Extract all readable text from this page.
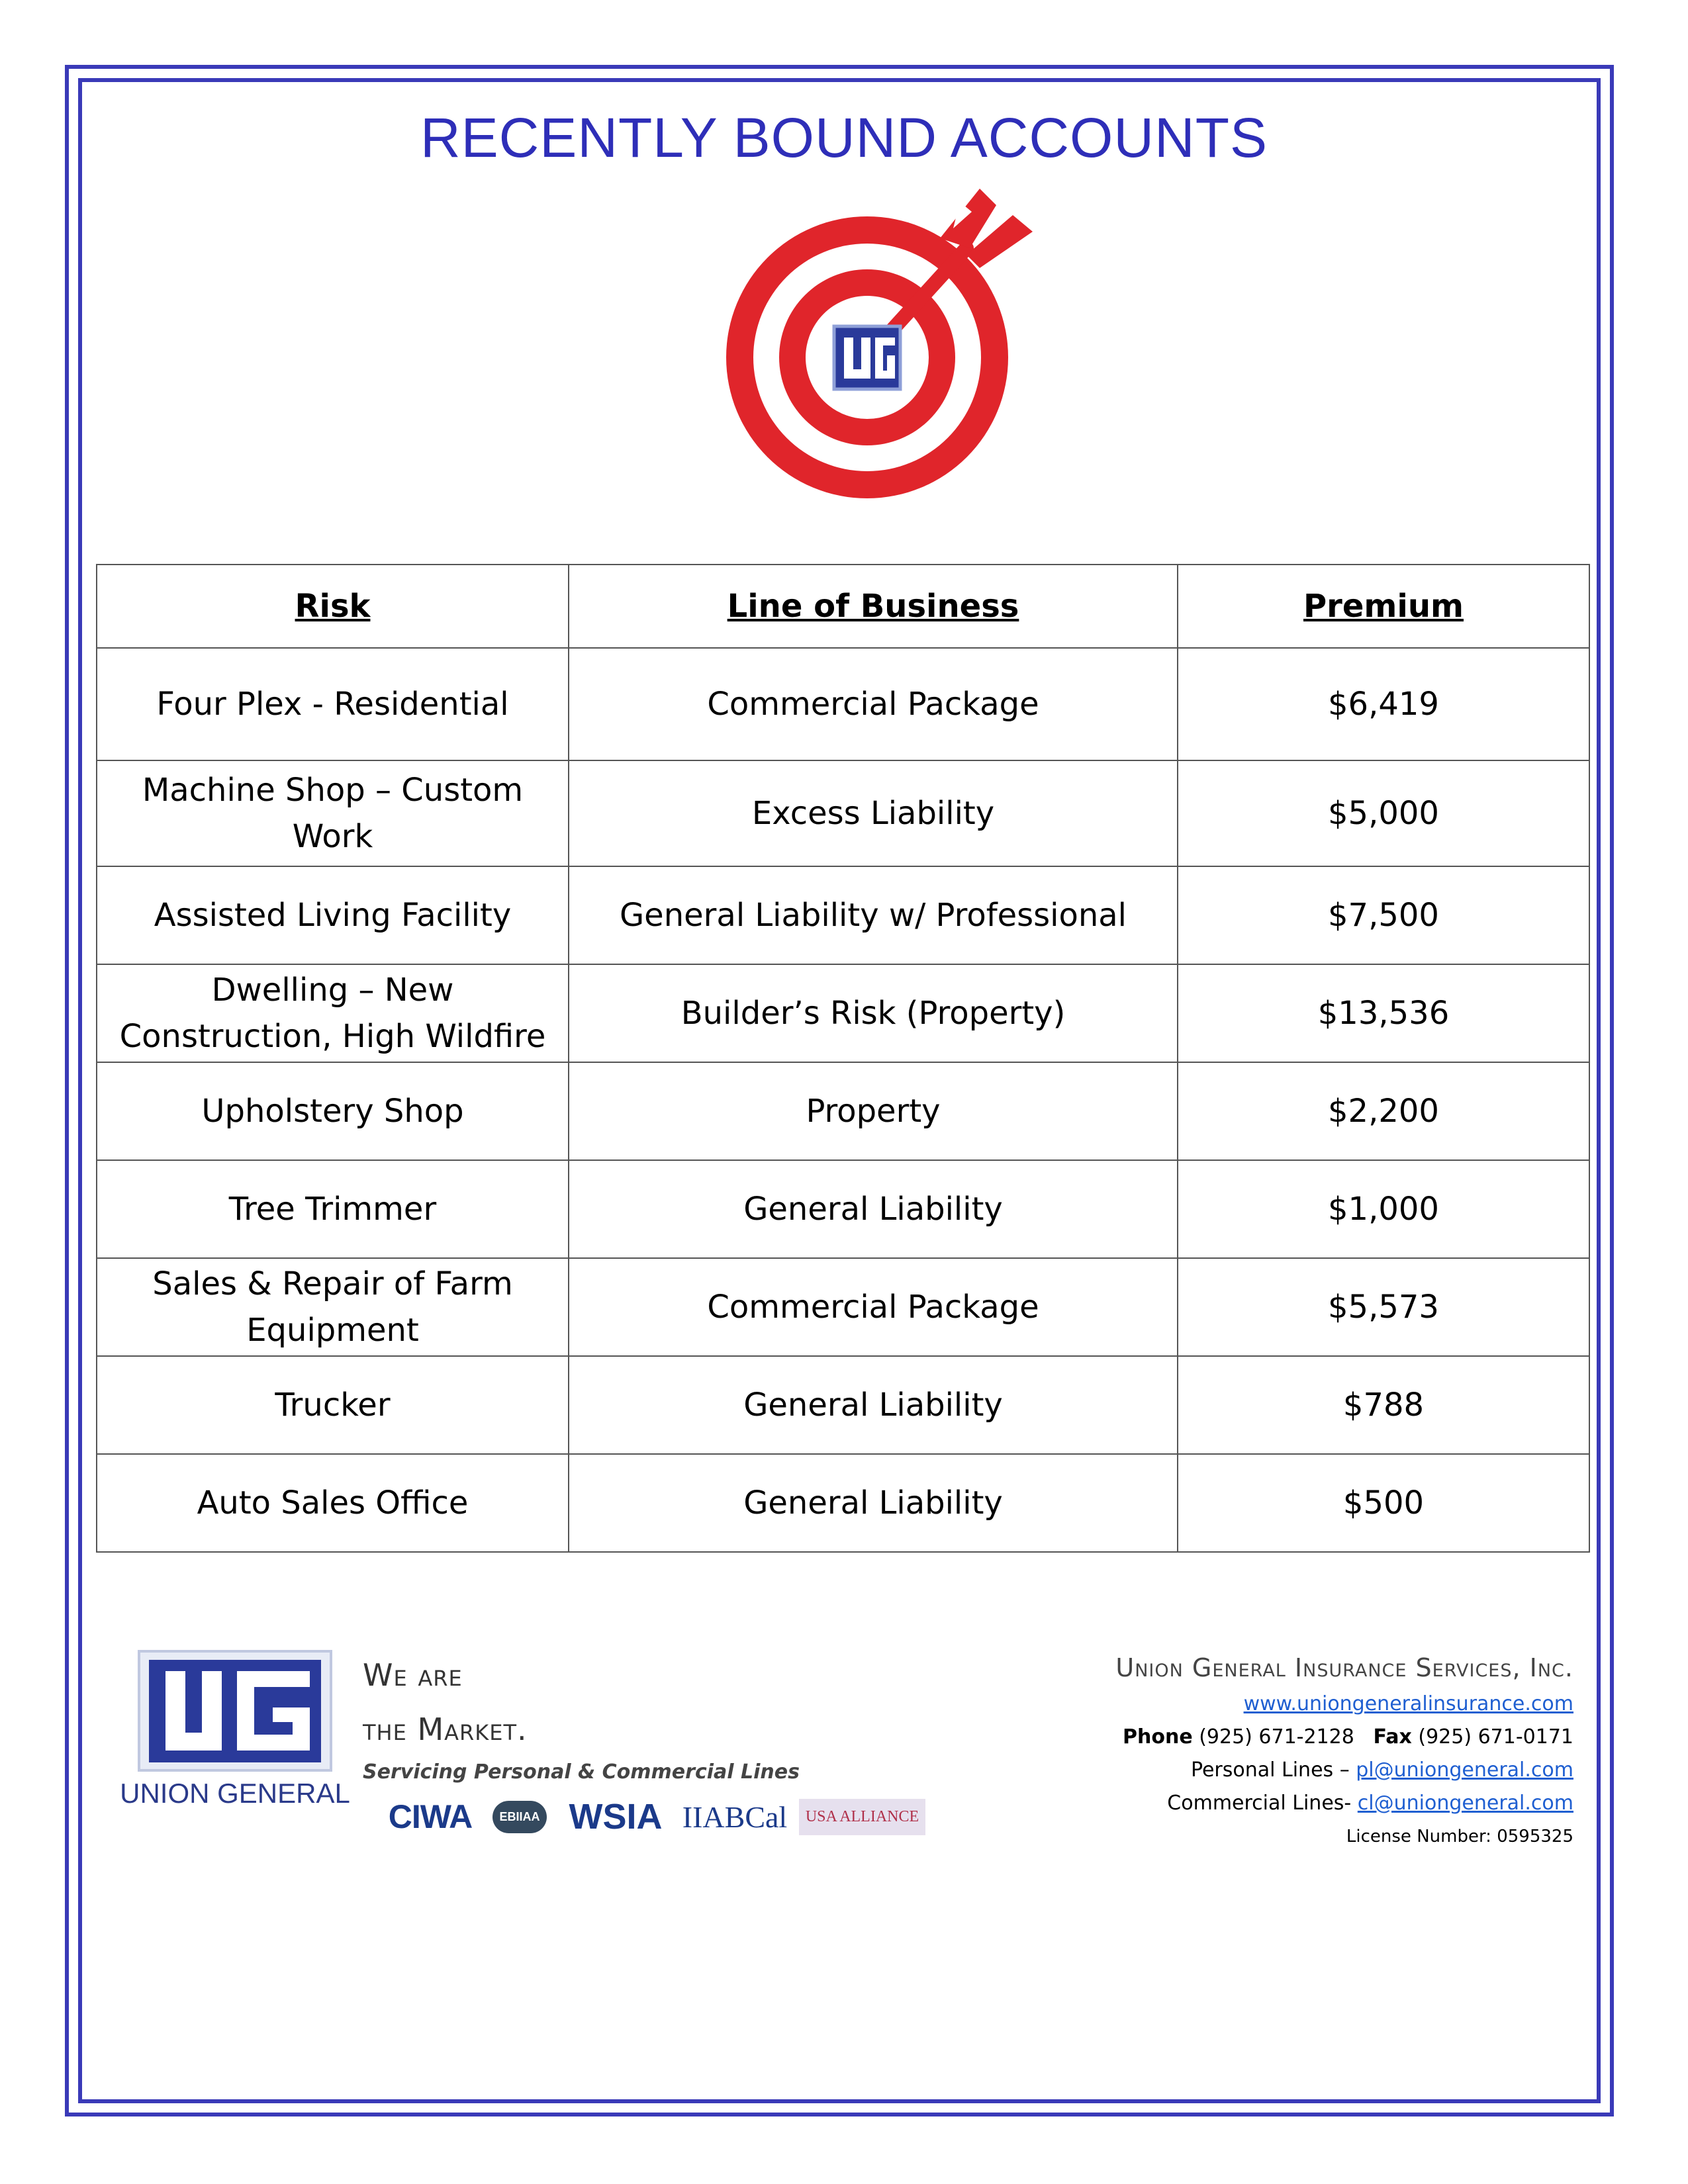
RECENTLY BOUND ACCOUNTS
UG
Risk	Line of Business	Premium
Four Plex - Residential	Commercial Package	$6,419
Machine Shop – Custom Work	Excess Liability	$5,000
Assisted Living Facility	General Liability w/ Professional	$7,500
Dwelling – New Construction, High Wildfire	Builder’s Risk (Property)	$13,536
Upholstery Shop	Property	$2,200
Tree Trimmer	General Liability	$1,000
Sales & Repair of Farm Equipment	Commercial Package	$5,573
Trucker	General Liability	$788
Auto Sales Office	General Liability	$500
UNION GENERAL
We are
the Market.
Servicing Personal & Commercial Lines
CIWA	EBIIAA WSIA IIABCal	USA ALLIANCE
Union General Insurance Services, Inc.
www.uniongeneralinsurance.com
Phone (925) 671-2128 Fax (925) 671-0171
Personal Lines – pl@uniongeneral.com
Commercial Lines- cl@uniongeneral.com
License Number: 0595325
